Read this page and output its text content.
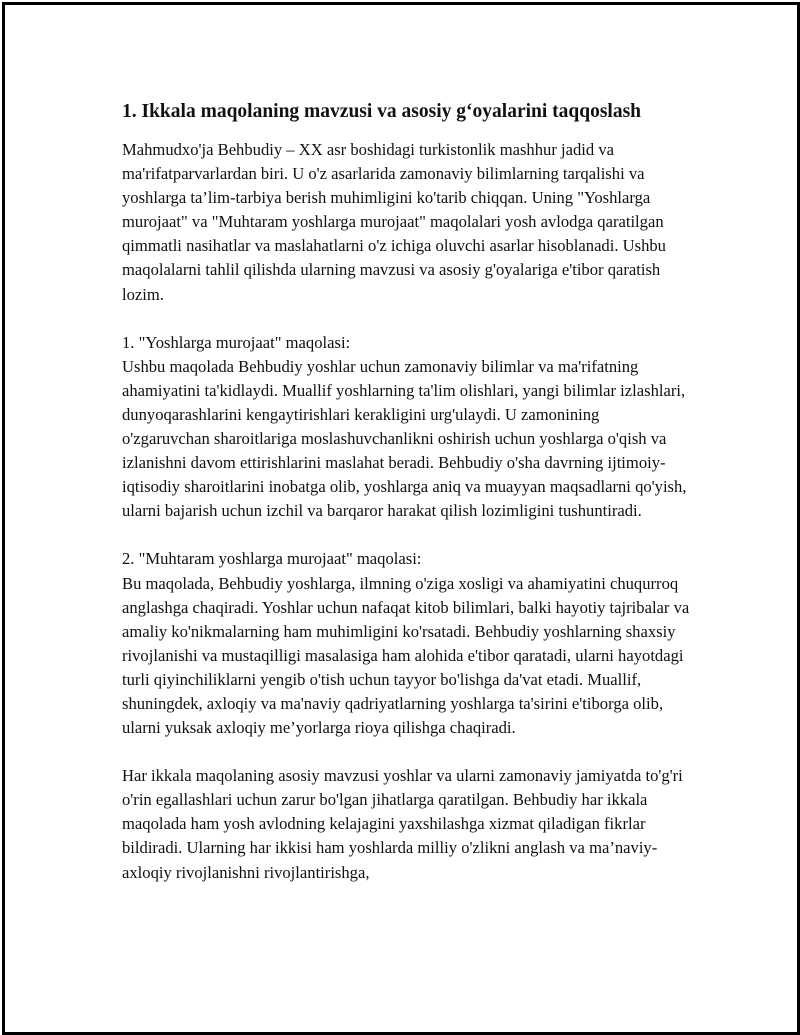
1. Ikkala maqolaning mavzusi va asosiy g‘oyalarini taqqoslash

Mahmudxo'ja Behbudiy – XX asr boshidagi turkistonlik mashhur jadid va ma'rifatparvarlardan biri. U o'z asarlarida zamonaviy bilimlarning tarqalishi va yoshlarga ta’lim-tarbiya berish muhimligini ko'tarib chiqqan. Uning "Yoshlarga murojaat" va "Muhtaram yoshlarga murojaat" maqolalari yosh avlodga qaratilgan qimmatli nasihatlar va maslahatlarni o'z ichiga oluvchi asarlar hisoblanadi. Ushbu maqolalarni tahlil qilishda ularning mavzusi va asosiy g'oyalariga e'tibor qaratish lozim.

1. "Yoshlarga murojaat" maqolasi:
Ushbu maqolada Behbudiy yoshlar uchun zamonaviy bilimlar va ma'rifatning ahamiyatini ta'kidlaydi. Muallif yoshlarning ta'lim olishlari, yangi bilimlar izlashlari, dunyoqarashlarini kengaytirishlari kerakligini urg'ulaydi. U zamonining o'zgaruvchan sharoitlariga moslashuvchanlikni oshirish uchun yoshlarga o'qish va izlanishni davom ettirishlarini maslahat beradi. Behbudiy o'sha davrning ijtimoiy-iqtisodiy sharoitlarini inobatga olib, yoshlarga aniq va muayyan maqsadlarni qo'yish, ularni bajarish uchun izchil va barqaror harakat qilish lozimligini tushuntiradi.

2. "Muhtaram yoshlarga murojaat" maqolasi:
Bu maqolada, Behbudiy yoshlarga, ilmning o'ziga xosligi va ahamiyatini chuqurroq anglashga chaqiradi. Yoshlar uchun nafaqat kitob bilimlari, balki hayotiy tajribalar va amaliy ko'nikmalarning ham muhimligini ko'rsatadi. Behbudiy yoshlarning shaxsiy rivojlanishi va mustaqilligi masalasiga ham alohida e'tibor qaratadi, ularni hayotdagi turli qiyinchiliklarni yengib o'tish uchun tayyor bo'lishga da'vat etadi. Muallif, shuningdek, axloqiy va ma'naviy qadriyatlarning yoshlarga ta'sirini e'tiborga olib, ularni yuksak axloqiy me’yorlarga rioya qilishga chaqiradi.

Har ikkala maqolaning asosiy mavzusi yoshlar va ularni zamonaviy jamiyatda to'g'ri o'rin egallashlari uchun zarur bo'lgan jihatlarga qaratilgan. Behbudiy har ikkala maqolada ham yosh avlodning kelajagini yaxshilashga xizmat qiladigan fikrlar bildiradi. Ularning har ikkisi ham yoshlarda milliy o'zlikni anglash va ma’naviy-axloqiy rivojlanishni rivojlantirishga,
